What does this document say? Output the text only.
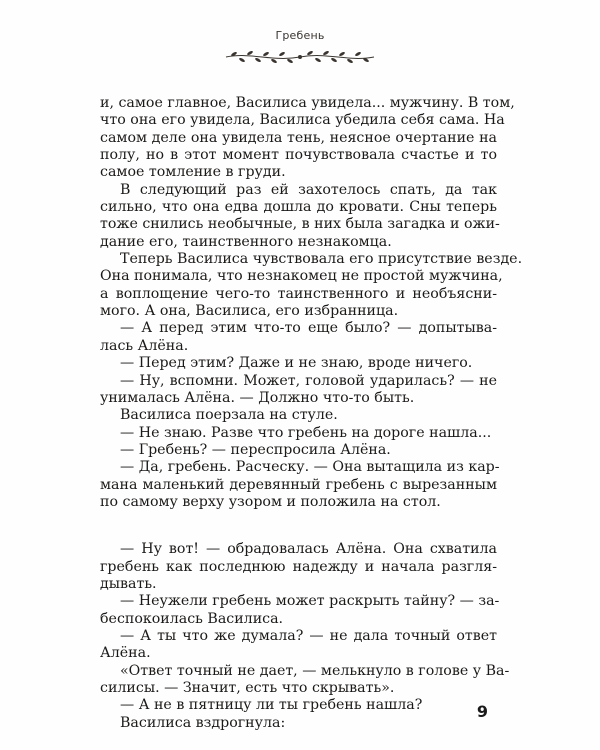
Гребень
и, самое главное, Василиса увидела... мужчину. В том,
что она его увидела, Василиса убедила себя сама. На
самом деле она увидела тень, неясное очертание на
полу, но в этот момент почувствовала счастье и то
самое томление в груди.
В следующий раз ей захотелось спать, да так
сильно, что она едва дошла до кровати. Сны теперь
тоже снились необычные, в них была загадка и ожи-
дание его, таинственного незнакомца.
Теперь Василиса чувствовала его присутствие везде.
Она понимала, что незнакомец не простой мужчина,
а воплощение чего-то таинственного и необъясни-
мого. А она, Василиса, его избранница.
— А перед этим что-то еще было? — допытыва-
лась Алёна.
— Перед этим? Даже и не знаю, вроде ничего.
— Ну, вспомни. Может, головой ударилась? — не
унималась Алёна. — Должно что-то быть.
Василиса поерзала на стуле.
— Не знаю. Разве что гребень на дороге нашла...
— Гребень? — переспросила Алёна.
— Да, гребень. Расческу. — Она вытащила из кар-
мана маленький деревянный гребень с вырезанным
по самому верху узором и положила на стол.
— Ну вот! — обрадовалась Алёна. Она схватила
гребень как последнюю надежду и начала разгля-
дывать.
— Неужели гребень может раскрыть тайну? — за-
беспокоилась Василиса.
— А ты что же думала? — не дала точный ответ
Алёна.
«Ответ точный не дает, — мелькнуло в голове у Ва-
силисы. — Значит, есть что скрывать».
— А не в пятницу ли ты гребень нашла?
Василиса вздрогнула:
9
